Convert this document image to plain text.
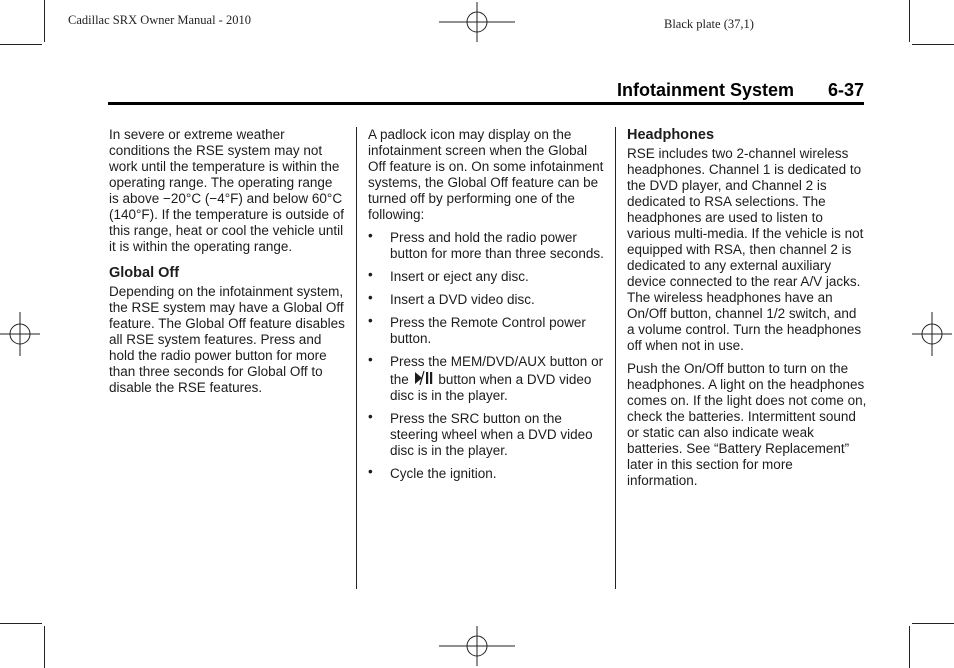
Cadillac SRX Owner Manual - 2010	Black plate (37,1)
Infotainment System 6-37

In severe or extreme weather conditions the RSE system may not work until the temperature is within the operating range. The operating range is above −20°C (−4°F) and below 60°C (140°F). If the temperature is outside of this range, heat or cool the vehicle until it is within the operating range.

Global Off

Depending on the infotainment system, the RSE system may have a Global Off feature. The Global Off feature disables all RSE system features. Press and hold the radio power button for more than three seconds for Global Off to disable the RSE features.

A padlock icon may display on the infotainment screen when the Global Off feature is on. On some infotainment systems, the Global Off feature can be turned off by performing one of the following:

• Press and hold the radio power button for more than three seconds.
• Insert or eject any disc.
• Insert a DVD video disc.
• Press the Remote Control power button.
• Press the MEM/DVD/AUX button or the button when a DVD video disc is in the player.
• Press the SRC button on the steering wheel when a DVD video disc is in the player.
• Cycle the ignition.
Headphones

RSE includes two 2-channel wireless headphones. Channel 1 is dedicated to the DVD player, and Channel 2 is dedicated to RSA selections. The headphones are used to listen to various multi-media. If the vehicle is not equipped with RSA, then channel 2 is dedicated to any external auxiliary device connected to the rear A/V jacks. The wireless headphones have an On/Off button, channel 1/2 switch, and a volume control. Turn the headphones off when not in use.

Push the On/Off button to turn on the headphones. A light on the headphones comes on. If the light does not come on, check the batteries. Intermittent sound or static can also indicate weak batteries. See “Battery Replacement” later in this section for more information.
